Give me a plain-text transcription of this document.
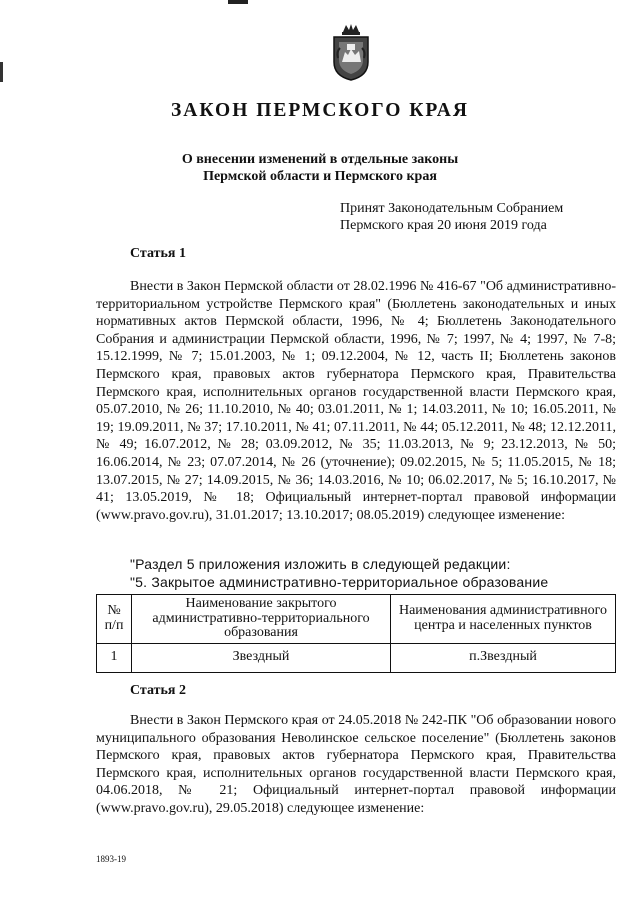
ЗАКОН ПЕРМСКОГО КРАЯ
О внесении изменений в отдельные законы
Пермской области и Пермского края
Принят Законодательным Собранием
Пермского края 20 июня 2019 года
Статья 1

Внести в Закон Пермской области от 28.02.1996 № 416-67 "Об административно-территориальном устройстве Пермского края" (Бюллетень законодательных и иных нормативных актов Пермской области, 1996, № 4; Бюллетень Законодательного Собрания и администрации Пермской области, 1996, № 7; 1997, № 4; 1997, № 7-8; 15.12.1999, № 7; 15.01.2003, № 1; 09.12.2004, № 12, часть II; Бюллетень законов Пермского края, правовых актов губернатора Пермского края, Правительства Пермского края, исполнительных органов государственной власти Пермского края, 05.07.2010, № 26; 11.10.2010, № 40; 03.01.2011, № 1; 14.03.2011, № 10; 16.05.2011, № 19; 19.09.2011, № 37; 17.10.2011, № 41; 07.11.2011, № 44; 05.12.2011, № 48; 12.12.2011, № 49; 16.07.2012, № 28; 03.09.2012, № 35; 11.03.2013, № 9; 23.12.2013, № 50; 16.06.2014, № 23; 07.07.2014, № 26 (уточнение); 09.02.2015, № 5; 11.05.2015, № 18; 13.07.2015, № 27; 14.09.2015, № 36; 14.03.2016, № 10; 06.02.2017, № 5; 16.10.2017, № 41; 13.05.2019, № 18; Официальный интернет-портал правовой информации (www.pravo.gov.ru), 31.01.2017; 13.10.2017; 08.05.2019) следующее изменение:

"Раздел 5 приложения изложить в следующей редакции:
"5. Закрытое административно-территориальное образование
№ п/п	Наименование закрытого административно-территориального образования	Наименования административного центра и населенных пунктов
1	Звездный	п.Звездный
Статья 2

Внести в Закон Пермского края от 24.05.2018 № 242-ПК "Об образовании нового муниципального образования Неволинское сельское поселение" (Бюллетень законов Пермского края, правовых актов губернатора Пермского края, Правительства Пермского края, исполнительных органов государственной власти Пермского края, 04.06.2018, № 21; Официальный интернет-портал правовой информации (www.pravo.gov.ru), 29.05.2018) следующее изменение:

1893-19
